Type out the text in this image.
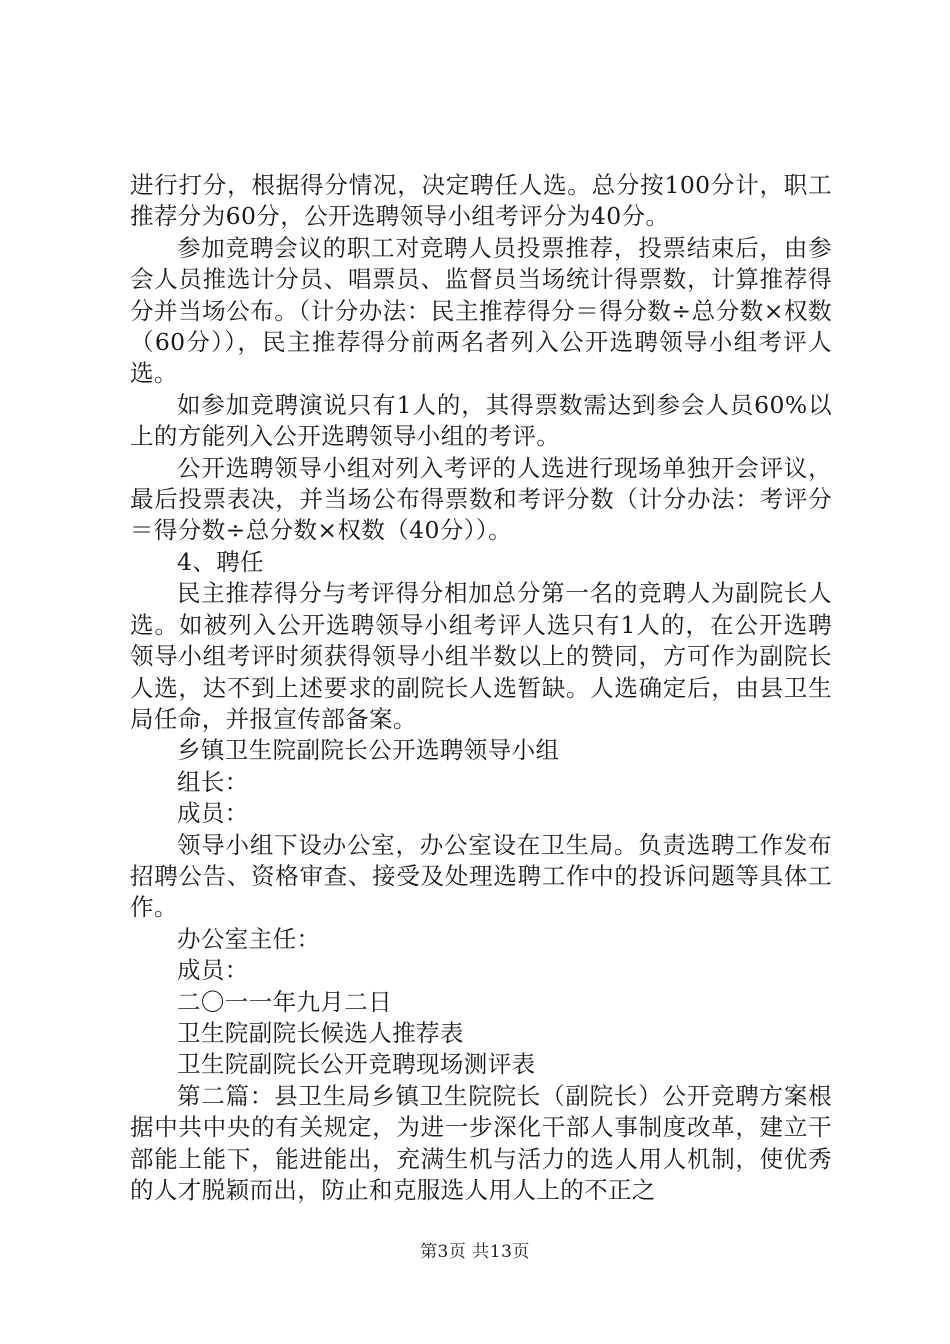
进行打分，根据得分情况，决定聘任人选。总分按100分计，职工推荐分为60分，公开选聘领导小组考评分为40分。

参加竞聘会议的职工对竞聘人员投票推荐，投票结束后，由参会人员推选计分员、唱票员、监督员当场统计得票数，计算推荐得分并当场公布。（计分办法：民主推荐得分＝得分数÷总分数×权数（60分）），民主推荐得分前两名者列入公开选聘领导小组考评人选。

如参加竞聘演说只有1人的，其得票数需达到参会人员60%以上的方能列入公开选聘领导小组的考评。

公开选聘领导小组对列入考评的人选进行现场单独开会评议，最后投票表决，并当场公布得票数和考评分数（计分办法：考评分＝得分数÷总分数×权数（40分））。

4、聘任

民主推荐得分与考评得分相加总分第一名的竞聘人为副院长人选。如被列入公开选聘领导小组考评人选只有1人的，在公开选聘领导小组考评时须获得领导小组半数以上的赞同，方可作为副院长人选，达不到上述要求的副院长人选暂缺。人选确定后，由县卫生局任命，并报宣传部备案。

乡镇卫生院副院长公开选聘领导小组

组长：

成员：

领导小组下设办公室，办公室设在卫生局。负责选聘工作发布招聘公告、资格审查、接受及处理选聘工作中的投诉问题等具体工作。

办公室主任：

成员：

二〇一一年九月二日

卫生院副院长候选人推荐表

卫生院副院长公开竞聘现场测评表

第二篇：县卫生局乡镇卫生院院长（副院长）公开竞聘方案根据中共中央的有关规定，为进一步深化干部人事制度改革，建立干部能上能下，能进能出，充满生机与活力的选人用人机制，使优秀的人才脱颖而出，防止和克服选人用人上的不正之

第3页 共13页
